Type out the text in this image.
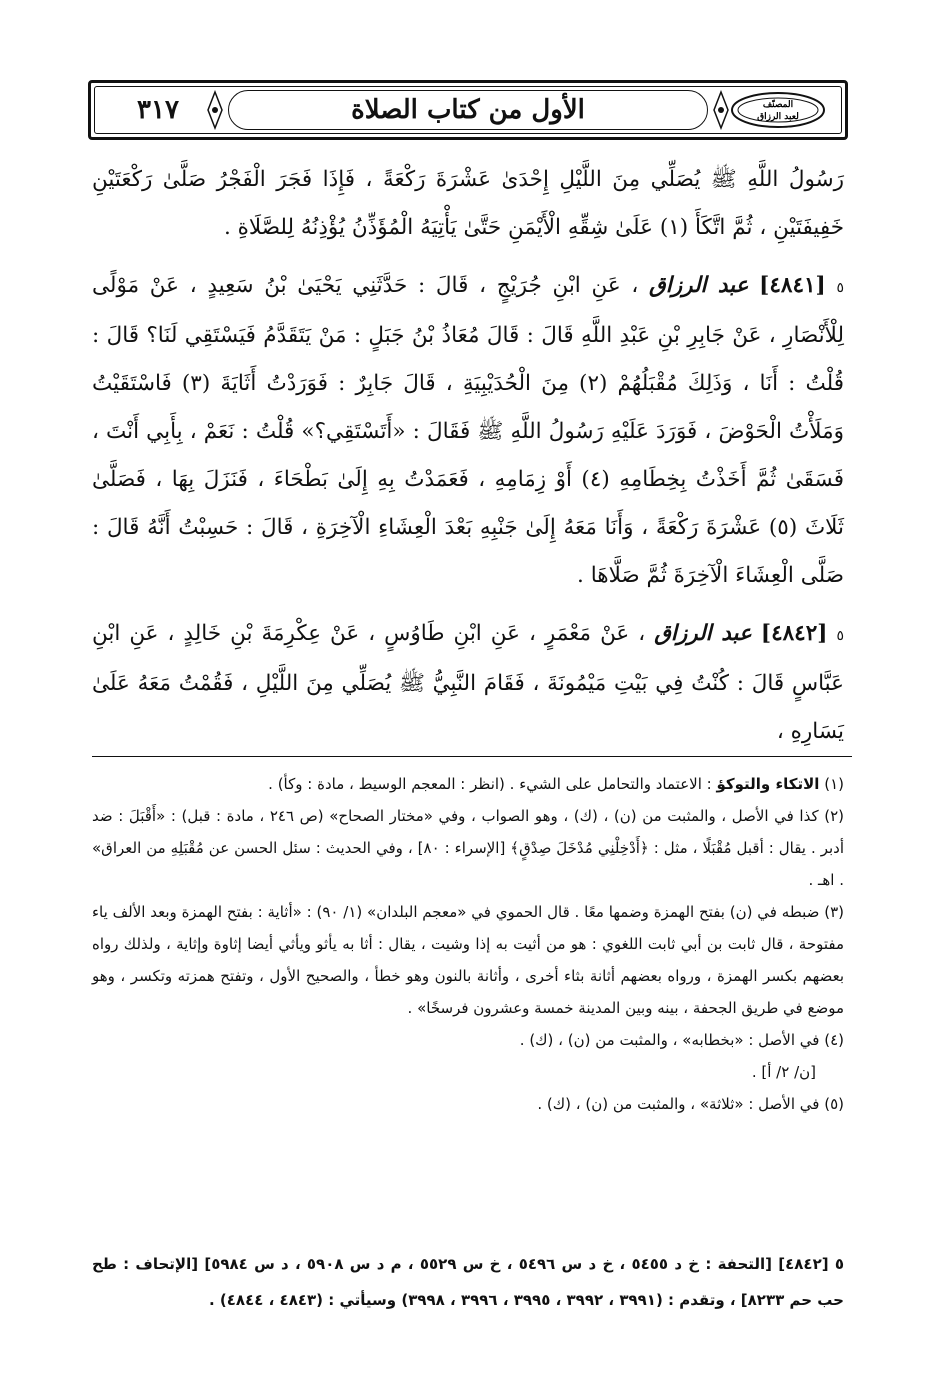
٣١٧	الأول من كتاب الصلاة	المصنّف
لعبد الرزاق

رَسُولُ اللَّهِ ﷺ يُصَلِّي مِنَ اللَّيْلِ إِحْدَىٰ عَشْرَةَ رَكْعَةً ، فَإِذَا فَجَرَ الْفَجْرُ صَلَّىٰ رَكْعَتَيْنِ خَفِيفَتَيْنِ ، ثُمَّ اتَّكَأَ (١) عَلَىٰ شِقِّهِ الْأَيْمَنِ حَتَّىٰ يَأْتِيَهُ الْمُؤَذِّنُ يُؤْذِنُهُ لِلصَّلَاةِ .

٥ [٤٨٤١] عبد الرزاق ، عَنِ ابْنِ جُرَيْجٍ ، قَالَ : حَدَّثَنِي يَحْيَىٰ بْنُ سَعِيدٍ ، عَنْ مَوْلًى لِلْأَنْصَارِ ، عَنْ جَابِرِ بْنِ عَبْدِ اللَّهِ قَالَ : قَالَ مُعَاذُ بْنُ جَبَلٍ : مَنْ يَتَقَدَّمُ فَيَسْتَقِي لَنَا؟ قَالَ : قُلْتُ : أَنَا ، وَذَلِكَ مُقْبَلُهُمْ (٢) مِنَ الْحُدَيْبِيَةِ ، قَالَ جَابِرٌ : فَوَرَدْتُ أَثَايَةَ (٣) فَاسْتَقَيْتُ وَمَلَأْتُ الْحَوْضَ ، فَوَرَدَ عَلَيْهِ رَسُولُ اللَّهِ ﷺ فَقَالَ : «أَتَسْتَقِي؟» قُلْتُ : نَعَمْ ، بِأَبِي أَنْتَ ، فَسَقَىٰ ثُمَّ أَخَذْتُ بِخِطَامِهِ (٤) أَوْ زِمَامِهِ ، فَعَمَدْتُ بِهِ إِلَىٰ بَطْحَاءَ ، فَنَزَلَ بِهَا ، فَصَلَّىٰ ثَلَاثَ (٥) عَشْرَةَ رَكْعَةً ، وَأَنَا مَعَهُ إِلَىٰ جَنْبِهِ بَعْدَ الْعِشَاءِ الْآخِرَةِ ، قَالَ : حَسِبْتُ أَنَّهُ قَالَ : صَلَّى الْعِشَاءَ الْآخِرَةَ ثُمَّ صَلَّاهَا .

٥ [٤٨٤٢] عبد الرزاق ، عَنْ مَعْمَرٍ ، عَنِ ابْنِ طَاوُسٍ ، عَنْ عِكْرِمَةَ بْنِ خَالِدٍ ، عَنِ ابْنِ عَبَّاسٍ قَالَ : كُنْتُ فِي بَيْتِ مَيْمُونَةَ ، فَقَامَ النَّبِيُّ ﷺ يُصَلِّي مِنَ اللَّيْلِ ، فَقُمْتُ مَعَهُ عَلَىٰ يَسَارِهِ ،

(١) الاتكاء والتوكؤ : الاعتماد والتحامل على الشيء . (انظر : المعجم الوسيط ، مادة : وكأ) .

(٢) كذا في الأصل ، والمثبت من (ن) ، (ك) ، وهو الصواب ، وفي «مختار الصحاح» (ص ٢٤٦ ، مادة : قبل) : «أَقْبَلَ : ضد أدبر . يقال : أقبل مُقْبَلًا ، مثل : ﴿أَدْخِلْنِي مُدْخَلَ صِدْقٍ﴾ [الإسراء : ٨٠] ، وفي الحديث : سئل الحسن عن مُقْبَلِهِ من العراق» . اهـ .

(٣) ضبطه في (ن) بفتح الهمزة وضمها معًا . قال الحموي في «معجم البلدان» (١/ ٩٠) : «أثاية : بفتح الهمزة وبعد الألف ياء مفتوحة ، قال ثابت بن أبي ثابت اللغوي : هو من أثيت به إذا وشيت ، يقال : أثا به يأثو ويأثي أيضا إثاوة وإثاية ، ولذلك رواه بعضهم بكسر الهمزة ، ورواه بعضهم أثانة بثاء أخرى ، وأثانة بالنون وهو خطأ ، والصحيح الأول ، وتفتح همزته وتكسر ، وهو موضع في طريق الجحفة ، بينه وبين المدينة خمسة وعشرون فرسخًا» .

(٤) في الأصل : «بخطابه» ، والمثبت من (ن) ، (ك) .

[ن/ ٢/ أ] .

(٥) في الأصل : «ثلاثة» ، والمثبت من (ن) ، (ك) .

٥ [٤٨٤٢] [التحفة : خ د ٥٤٥٥ ، خ د س ٥٤٩٦ ، خ س ٥٥٢٩ ، م د س ٥٩٠٨ ، د س ٥٩٨٤] [الإتحاف : طح حب حم ٨٢٣٣] ، وتقدم : (٣٩٩١ ، ٣٩٩٢ ، ٣٩٩٥ ، ٣٩٩٦ ، ٣٩٩٨) وسيأتي : (٤٨٤٣ ، ٤٨٤٤) .
